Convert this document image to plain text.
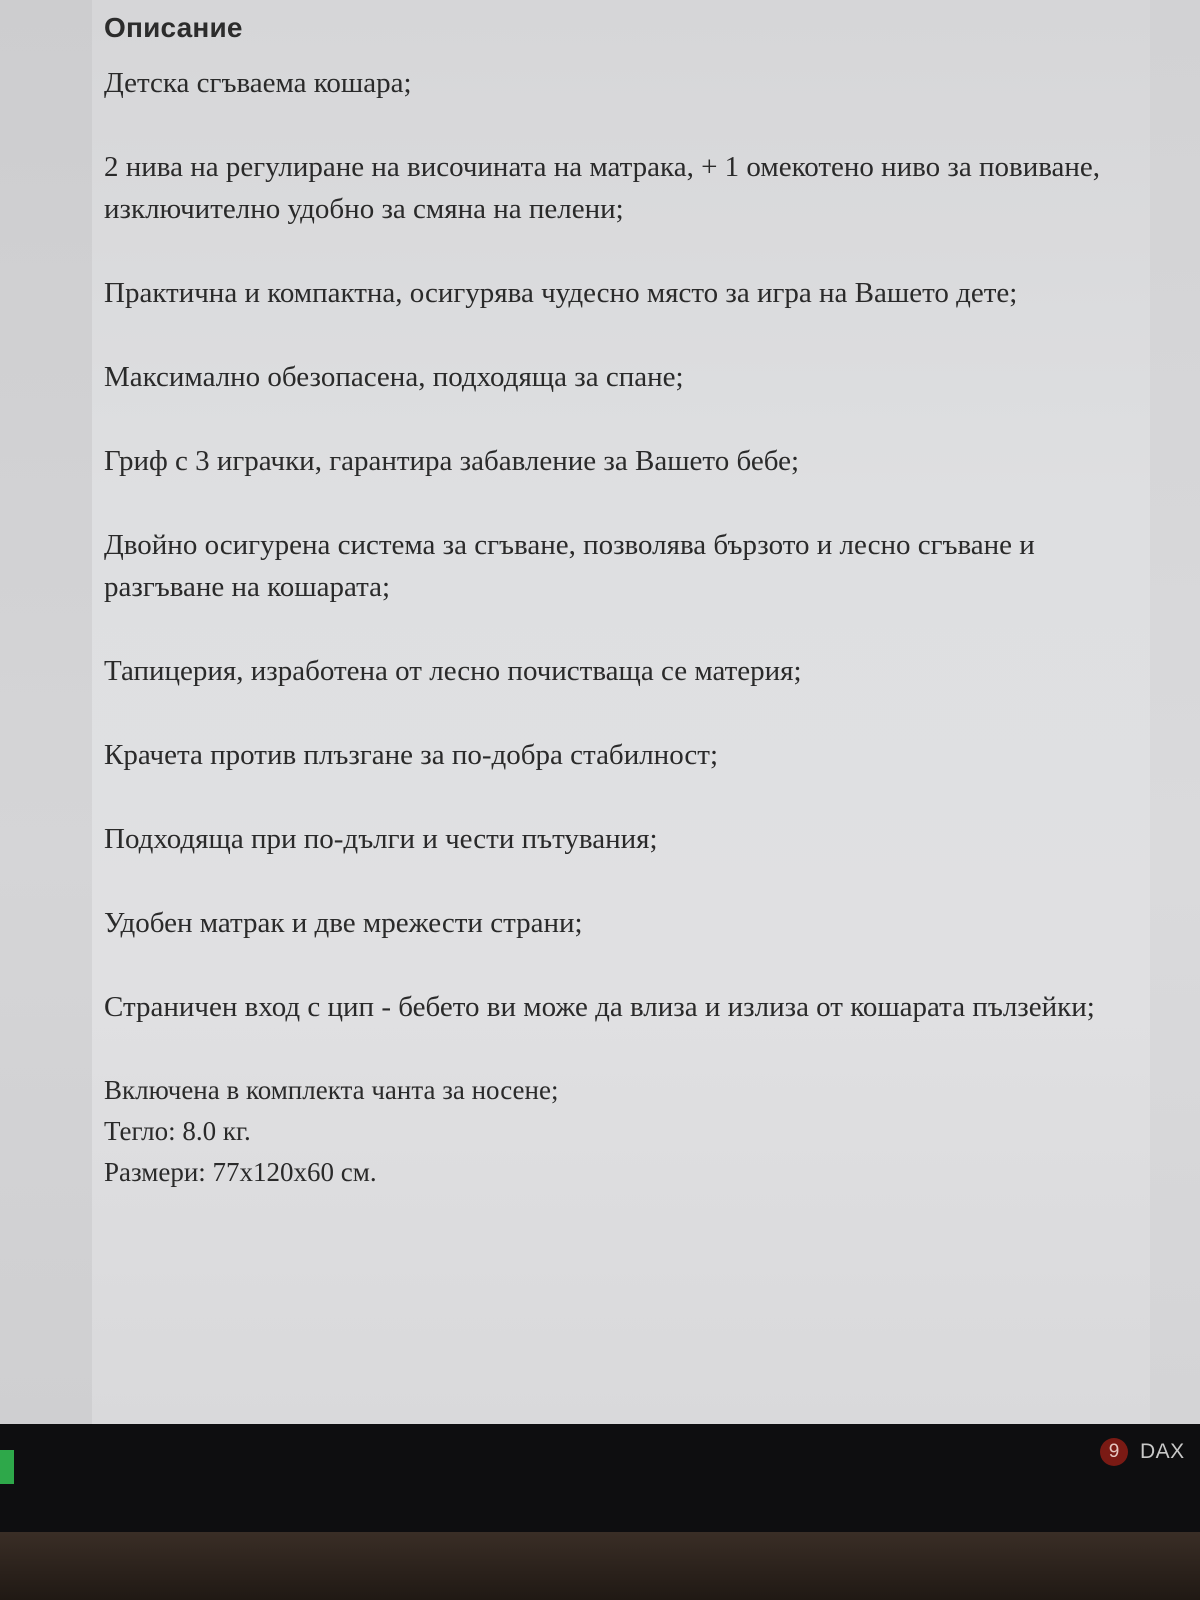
Описание

Детска сгъваема кошара;

2 нива на регулиране на височината на матрака, + 1 омекотено ниво за повиване, изключително удобно за смяна на пелени;

Практична и компактна, осигурява чудесно място за игра на Вашето дете;

Максимално обезопасена, подходяща за спане;

Гриф с 3 играчки, гарантира забавление за Вашето бебе;

Двойно осигурена система за сгъване, позволява бързото и лесно сгъване и разгъване на кошарата;

Тапицерия, изработена от лесно почистваща се материя;

Крачета против плъзгане за по-добра стабилност;

Подходяща при по-дълги и чести пътувания;

Удобен матрак и две мрежести страни;

Страничен вход с цип - бебето ви може да влиза и излиза от кошарата пълзейки;

Включена в комплекта чанта за носене;
Тегло: 8.0 кг.
Размери: 77х120х60 см.
9 DAX
